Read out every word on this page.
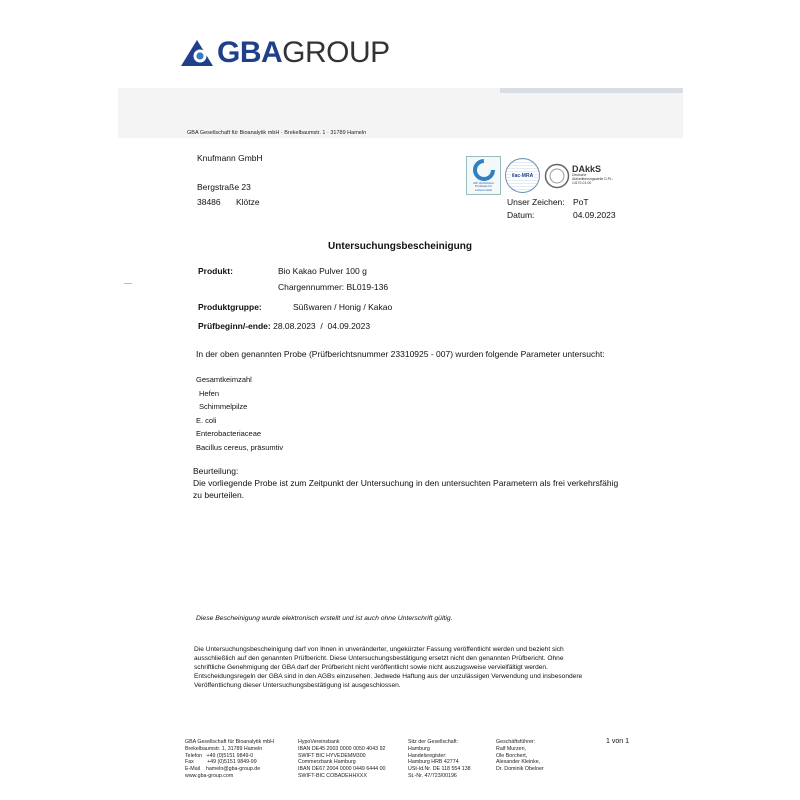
GBAGROUP
GBA Gesellschaft für Bioanalytik mbH · Brekelbaumstr. 1 · 31789 Hameln
Knufmann GmbH
Bergstraße 23
38486 Klötze
GfK Zertifizierte Prüfstelle für Lebensmittel
ilac-MRA
DAkkS
Deutsche Akkreditierungsstelle D-PL-14170-01-00
Unser Zeichen: PoT
Datum:	04.09.2023
Untersuchungsbescheinigung
Produkt:	Bio Kakao Pulver 100 g
Chargennummer: BL019-136
Produktgruppe:	Süßwaren / Honig / Kakao
Prüfbeginn/-ende: 28.08.2023 / 04.09.2023
In der oben genannten Probe (Prüfberichtsnummer 23310925 - 007) wurden folgende Parameter untersucht:
Gesamtkeimzahl
Hefen
Schimmelpilze
E. coli
Enterobacteriaceae
Bacillus cereus, präsumtiv
Beurteilung:
Die vorliegende Probe ist zum Zeitpunkt der Untersuchung in den untersuchten Parametern als frei verkehrsfähig
zu beurteilen.
Diese Bescheinigung wurde elektronisch erstellt und ist auch ohne Unterschrift gültig.
Die Untersuchungsbescheinigung darf von Ihnen in unveränderter, ungekürzter Fassung veröffentlicht werden und bezieht sich
ausschließlich auf den genannten Prüfbericht. Diese Untersuchungsbestätigung ersetzt nicht den genannten Prüfbericht. Ohne
schriftliche Genehmigung der GBA darf der Prüfbericht nicht veröffentlicht sowie nicht auszugsweise vervielfältigt werden.
Entscheidungsregeln der GBA sind in den AGBs einzusehen. Jedwede Haftung aus der unzulässigen Verwendung und insbesondere
Veröffentlichung dieser Untersuchungsbestätigung ist ausgeschlossen.
GBA Gesellschaft für Bioanalytik mbH
Brekelbaumstr. 1, 31789 Hameln
Telefon   +49 (0)5151 9849-0
Fax         +49 (0)5151 9849-99
E-Mail    hameln@gba-group.de
www.gba-group.com
HypoVereinsbank
IBAN DE45 2003 0000 0050 4043 92
SWIFT BIC HYVEDEMM300
Commerzbank Hamburg
IBAN DE67 2004 0000 0449 6444 00
SWIFT-BIC COBADEHHXXX
Sitz der Gesellschaft:
Hamburg
Handelsregister:
Hamburg HRB 42774
USt-Id.Nr. DE 118 554 138
St.-Nr. 47/723/00196
Geschäftsführer:
Ralf Murzen,
Ole Borchert,
Alexander Kleinke,
Dr. Dominik Obeloer
1 von 1
